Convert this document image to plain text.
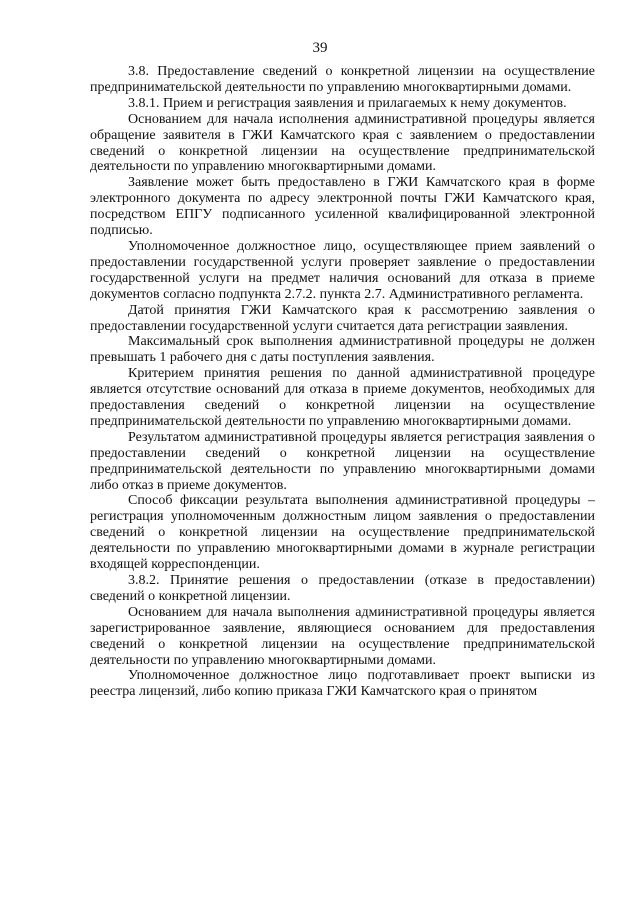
39

3.8. Предоставление сведений о конкретной лицензии на осуществление предпринимательской деятельности по управлению многоквартирными домами.

3.8.1. Прием и регистрация заявления и прилагаемых к нему документов.

Основанием для начала исполнения административной процедуры является обращение заявителя в ГЖИ Камчатского края с заявлением о предоставлении сведений о конкретной лицензии на осуществление предпринимательской деятельности по управлению многоквартирными домами.

Заявление может быть предоставлено в ГЖИ Камчатского края в форме электронного документа по адресу электронной почты ГЖИ Камчатского края, посредством ЕПГУ подписанного усиленной квалифицированной электронной подписью.

Уполномоченное должностное лицо, осуществляющее прием заявлений о предоставлении государственной услуги проверяет заявление о предоставлении государственной услуги на предмет наличия оснований для отказа в приеме документов согласно подпункта 2.7.2. пункта 2.7. Административного регламента.

Датой принятия ГЖИ Камчатского края к рассмотрению заявления о предоставлении государственной услуги считается дата регистрации заявления.

Максимальный срок выполнения административной процедуры не должен превышать 1 рабочего дня с даты поступления заявления.

Критерием принятия решения по данной административной процедуре является отсутствие оснований для отказа в приеме документов, необходимых для предоставления сведений о конкретной лицензии на осуществление предпринимательской деятельности по управлению многоквартирными домами.

Результатом административной процедуры является регистрация заявления о предоставлении сведений о конкретной лицензии на осуществление предпринимательской деятельности по управлению многоквартирными домами либо отказ в приеме документов.

Способ фиксации результата выполнения административной процедуры – регистрация уполномоченным должностным лицом заявления о предоставлении сведений о конкретной лицензии на осуществление предпринимательской деятельности по управлению многоквартирными домами в журнале регистрации входящей корреспонденции.

3.8.2. Принятие решения о предоставлении (отказе в предоставлении) сведений о конкретной лицензии.

Основанием для начала выполнения административной процедуры является зарегистрированное заявление, являющиеся основанием для предоставления сведений о конкретной лицензии на осуществление предпринимательской деятельности по управлению многоквартирными домами.

Уполномоченное должностное лицо подготавливает проект выписки из реестра лицензий, либо копию приказа ГЖИ Камчатского края о принятом
